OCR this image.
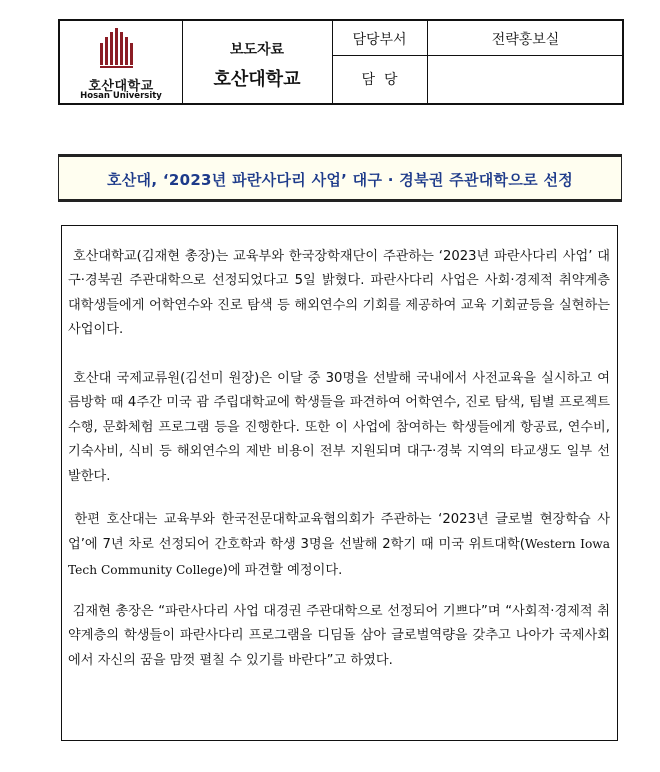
호산대학교
Hosan University
보도자료
호산대학교
담당부서	전략홍보실
담  당
호산대, ‘2023년 파란사다리 사업’ 대구 · 경북권 주관대학으로 선정
호산대학교(김재현 총장)는 교육부와 한국장학재단이 주관하는 ‘2023년 파란사다리 사업’ 대구·경북권 주관대학으로 선정되었다고 5일 밝혔다. 파란사다리 사업은 사회·경제적 취약계층 대학생들에게 어학연수와 진로 탐색 등 해외연수의 기회를 제공하여 교육 기회균등을 실현하는 사업이다.
호산대 국제교류원(김선미 원장)은 이달 중 30명을 선발해 국내에서 사전교육을 실시하고 여름방학 때 4주간 미국 괌 주립대학교에 학생들을 파견하여 어학연수, 진로 탐색, 팀별 프로젝트 수행, 문화체험 프로그램 등을 진행한다. 또한 이 사업에 참여하는 학생들에게 항공료, 연수비, 기숙사비, 식비 등 해외연수의 제반 비용이 전부 지원되며 대구·경북 지역의 타교생도 일부 선발한다.
한편 호산대는 교육부와 한국전문대학교육협의회가 주관하는 ‘2023년 글로벌 현장학습 사업’에 7년 차로 선정되어 간호학과 학생 3명을 선발해 2학기 때 미국 위트대학(Western Iowa Tech Community College)에 파견할 예정이다.
김재현 총장은 “파란사다리 사업 대경권 주관대학으로 선정되어 기쁘다”며 “사회적·경제적 취약계층의 학생들이 파란사다리 프로그램을 디딤돌 삼아 글로벌역량을 갖추고 나아가 국제사회에서 자신의 꿈을 맘껏 펼칠 수 있기를 바란다”고 하였다.
